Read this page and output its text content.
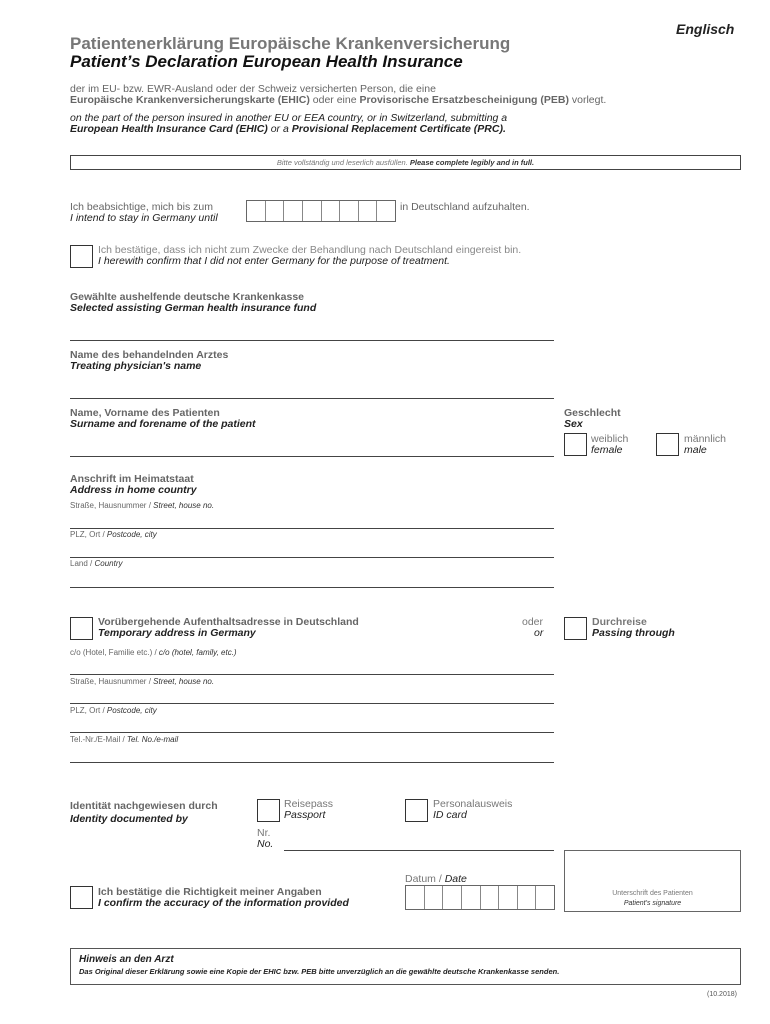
Englisch
Patientenerklärung Europäische Krankenversicherung
Patient’s Declaration European Health Insurance
der im EU- bzw. EWR-Ausland oder der Schweiz versicherten Person, die eine
Europäische Krankenversicherungskarte (EHIC) oder eine Provisorische Ersatzbescheinigung (PEB) vorlegt.
on the part of the person insured in another EU or EEA country, or in Switzerland, submitting a
European Health Insurance Card (EHIC) or a Provisional Replacement Certificate (PRC).
Bitte vollständig und leserlich ausfüllen. Please complete legibly and in full.
Ich beabsichtige, mich bis zum
I intend to stay in Germany until
in Deutschland aufzuhalten.
Ich bestätige, dass ich nicht zum Zwecke der Behandlung nach Deutschland eingereist bin.
I herewith confirm that I did not enter Germany for the purpose of treatment.
Gewählte aushelfende deutsche Krankenkasse
Selected assisting German health insurance fund
Name des behandelnden Arztes
Treating physician's name
Name, Vorname des Patienten
Surname and forename of the patient
Geschlecht
Sex
weiblich
female
männlich
male
Anschrift im Heimatstaat
Address in home country
Straße, Hausnummer / Street, house no.
PLZ, Ort / Postcode, city
Land / Country
Vorübergehende Aufenthaltsadresse in Deutschland
Temporary address in Germany
oder
or
Durchreise
Passing through
c/o (Hotel, Familie etc.) / c/o (hotel, family, etc.)
Straße, Hausnummer / Street, house no.
PLZ, Ort / Postcode, city
Tel.-Nr./E-Mail / Tel. No./e-mail
Identität nachgewiesen durch
Identity documented by
Reisepass
Passport
Personalausweis
ID card
Nr.
No.
Datum / Date
Ich bestätige die Richtigkeit meiner Angaben
I confirm the accuracy of the information provided
Unterschrift des Patienten
Patient's signature
Hinweis an den Arzt
Das Original dieser Erklärung sowie eine Kopie der EHIC bzw. PEB bitte unverzüglich an die gewählte deutsche Krankenkasse senden.
(10.2018)
